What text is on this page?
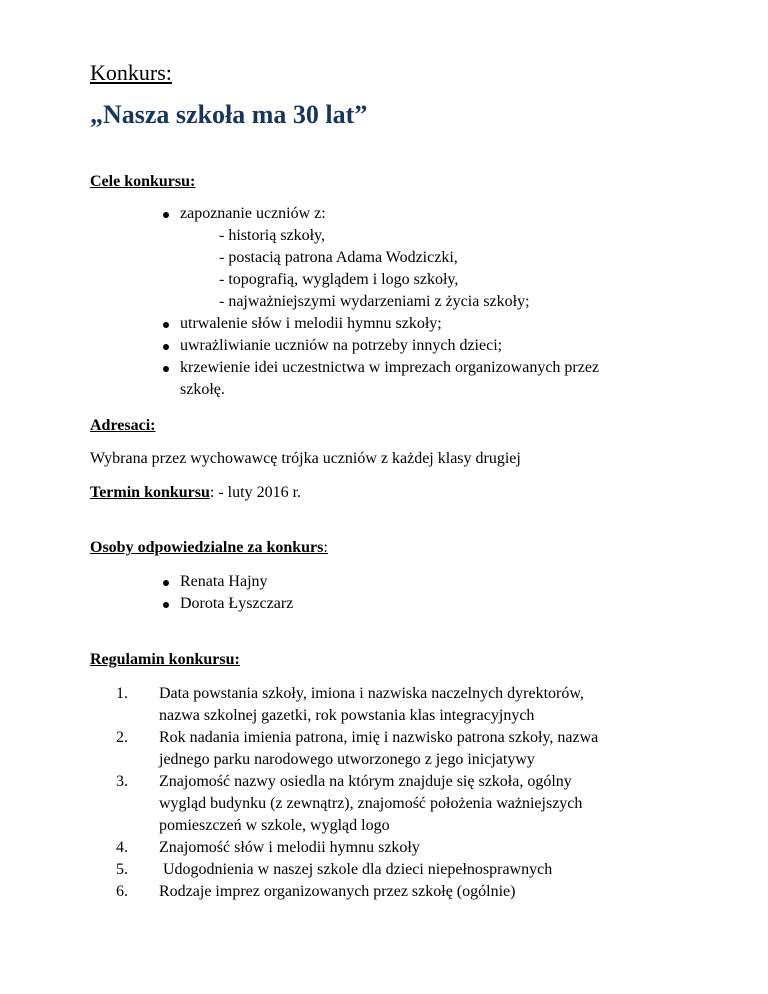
Konkurs:
„Nasza szkoła ma 30 lat”
Cele konkursu:
zapoznanie uczniów z:
- historią szkoły,
- postacią patrona Adama Wodziczki,
- topografią, wyglądem i logo szkoły,
- najważniejszymi wydarzeniami z życia szkoły;
utrwalenie słów i melodii hymnu szkoły;
uwrażliwianie uczniów na potrzeby innych dzieci;
krzewienie idei uczestnictwa w imprezach organizowanych przez
szkołę.
Adresaci:
Wybrana przez wychowawcę trójka uczniów z każdej klasy drugiej
Termin konkursu: - luty 2016 r.
Osoby odpowiedzialne za konkurs:
Renata Hajny
Dorota Łyszczarz
Regulamin konkursu:
1. Data powstania szkoły, imiona i nazwiska naczelnych dyrektorów,
nazwa szkolnej gazetki, rok powstania klas integracyjnych
2. Rok nadania imienia patrona, imię i nazwisko patrona szkoły, nazwa
jednego parku narodowego utworzonego z jego inicjatywy
3. Znajomość nazwy osiedla na którym znajduje się szkoła, ogólny
wygląd budynku (z zewnątrz), znajomość położenia ważniejszych
pomieszczeń w szkole, wygląd logo
4. Znajomość słów i melodii hymnu szkoły
5. Udogodnienia w naszej szkole dla dzieci niepełnosprawnych
6. Rodzaje imprez organizowanych przez szkołę (ogólnie)
